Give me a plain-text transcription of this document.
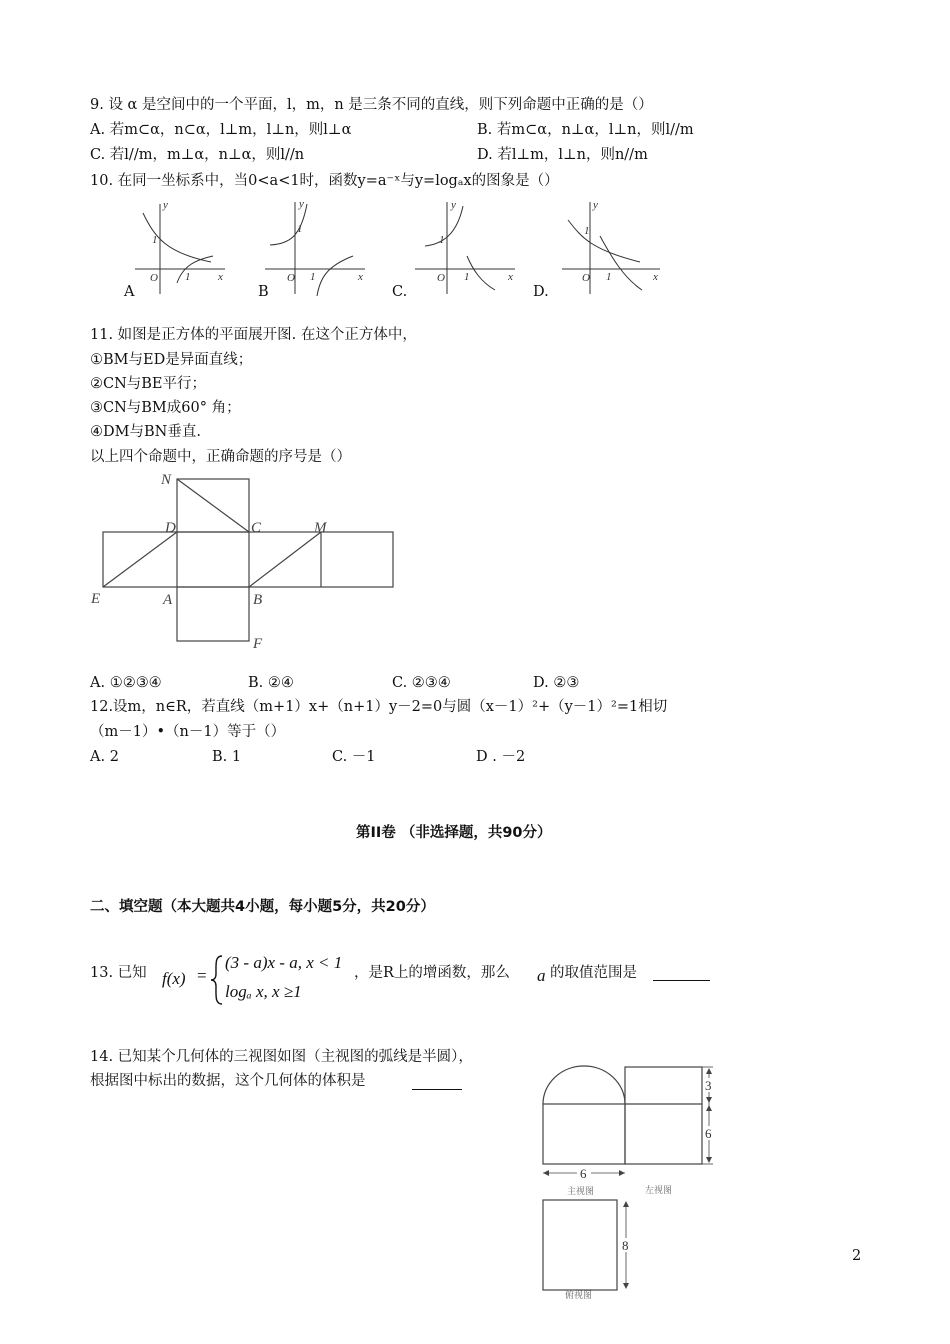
9. 设 α 是空间中的一个平面，l，m，n 是三条不同的直线，则下列命题中正确的是（）
A. 若m⊂α，n⊂α，l⊥m，l⊥n，则l⊥α	B. 若m⊂α，n⊥α，l⊥n，则l//m
C. 若l//m，m⊥α，n⊥α，则l//n	D. 若l⊥m，l⊥n，则n//m
10. 在同一坐标系中，当0<a<1时，函数y=a⁻ˣ与y=logₐx的图象是（）
y
x
O
1
1
y
x
O
1
1
y
x
O
1
1
y
x
O
1
1
A	B	C.	D.
11. 如图是正方体的平面展开图. 在这个正方体中，
①BM与ED是异面直线；
②CN与BE平行；
③CN与BM成60° 角；
④DM与BN垂直.
以上四个命题中，正确命题的序号是（）
N
D	C	M
E	A	B
F
A. ①②③④	B. ②④	C. ②③④	D. ②③
12.设m，n∈R，若直线（m+1）x+（n+1）y－2=0与圆（x－1）²+（y－1）²=1相切
（m－1）•（n－1）等于（）
A. 2	B. 1	C. －1	D . －2
第II卷 （非选择题，共90分）
二、填空题（本大题共4小题，每小题5分，共20分）
13. 已知 f(x) =
(3 - a)x - a, x < 1
logₐ x, x ≥1
，是R上的增函数，那么 a 的取值范围是
14. 已知某个几何体的三视图如图（主视图的弧线是半圆），
根据图中标出的数据，这个几何体的体积是
6
3
6
8
主视图	左视图
俯视图
2
